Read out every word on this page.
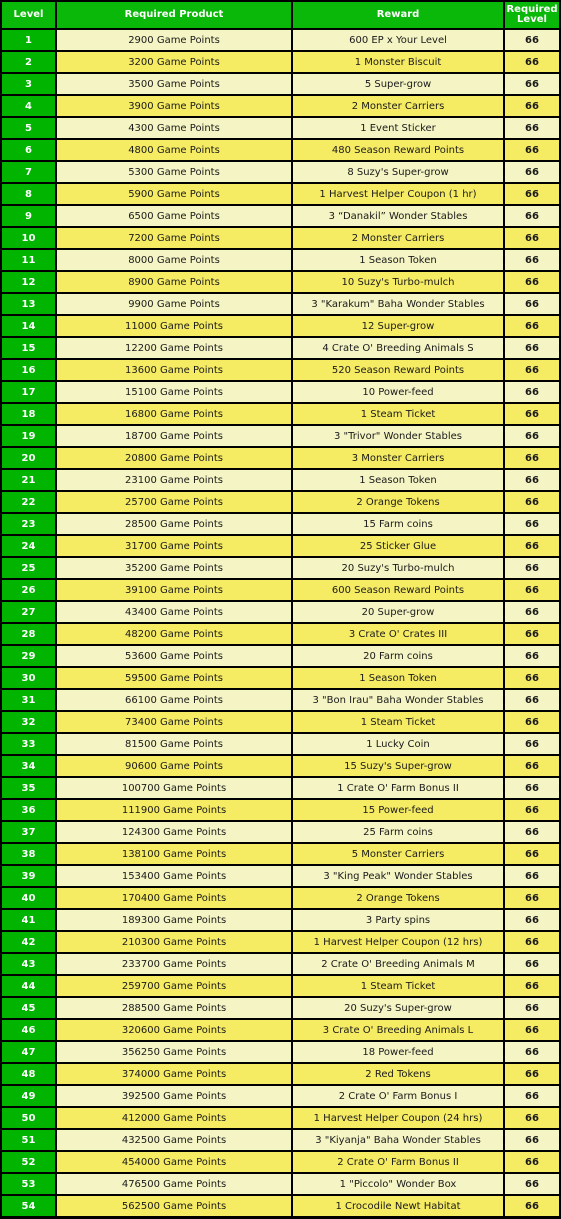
Level	Required Product	Reward	Required Level
1	2900 Game Points	600 EP x Your Level	66
2	3200 Game Points	1 Monster Biscuit	66
3	3500 Game Points	5 Super-grow	66
4	3900 Game Points	2 Monster Carriers	66
5	4300 Game Points	1 Event Sticker	66
6	4800 Game Points	480 Season Reward Points	66
7	5300 Game Points	8 Suzy's Super-grow	66
8	5900 Game Points	1 Harvest Helper Coupon (1 hr)	66
9	6500 Game Points	3 “Danakil” Wonder Stables	66
10	7200 Game Points	2 Monster Carriers	66
11	8000 Game Points	1 Season Token	66
12	8900 Game Points	10 Suzy's Turbo-mulch	66
13	9900 Game Points	3 "Karakum" Baha Wonder Stables	66
14	11000 Game Points	12 Super-grow	66
15	12200 Game Points	4 Crate O' Breeding Animals S	66
16	13600 Game Points	520 Season Reward Points	66
17	15100 Game Points	10 Power-feed	66
18	16800 Game Points	1 Steam Ticket	66
19	18700 Game Points	3 "Trivor" Wonder Stables	66
20	20800 Game Points	3 Monster Carriers	66
21	23100 Game Points	1 Season Token	66
22	25700 Game Points	2 Orange Tokens	66
23	28500 Game Points	15 Farm coins	66
24	31700 Game Points	25 Sticker Glue	66
25	35200 Game Points	20 Suzy's Turbo-mulch	66
26	39100 Game Points	600 Season Reward Points	66
27	43400 Game Points	20 Super-grow	66
28	48200 Game Points	3 Crate O' Crates III	66
29	53600 Game Points	20 Farm coins	66
30	59500 Game Points	1 Season Token	66
31	66100 Game Points	3 "Bon Irau" Baha Wonder Stables	66
32	73400 Game Points	1 Steam Ticket	66
33	81500 Game Points	1 Lucky Coin	66
34	90600 Game Points	15 Suzy's Super-grow	66
35	100700 Game Points	1 Crate O' Farm Bonus II	66
36	111900 Game Points	15 Power-feed	66
37	124300 Game Points	25 Farm coins	66
38	138100 Game Points	5 Monster Carriers	66
39	153400 Game Points	3 "King Peak" Wonder Stables	66
40	170400 Game Points	2 Orange Tokens	66
41	189300 Game Points	3 Party spins	66
42	210300 Game Points	1 Harvest Helper Coupon (12 hrs)	66
43	233700 Game Points	2 Crate O' Breeding Animals M	66
44	259700 Game Points	1 Steam Ticket	66
45	288500 Game Points	20 Suzy's Super-grow	66
46	320600 Game Points	3 Crate O' Breeding Animals L	66
47	356250 Game Points	18 Power-feed	66
48	374000 Game Points	2 Red Tokens	66
49	392500 Game Points	2 Crate O' Farm Bonus I	66
50	412000 Game Points	1 Harvest Helper Coupon (24 hrs)	66
51	432500 Game Points	3 "Kiyanja" Baha Wonder Stables	66
52	454000 Game Points	2 Crate O' Farm Bonus II	66
53	476500 Game Points	1 "Piccolo" Wonder Box	66
54	562500 Game Points	1 Crocodile Newt Habitat	66
